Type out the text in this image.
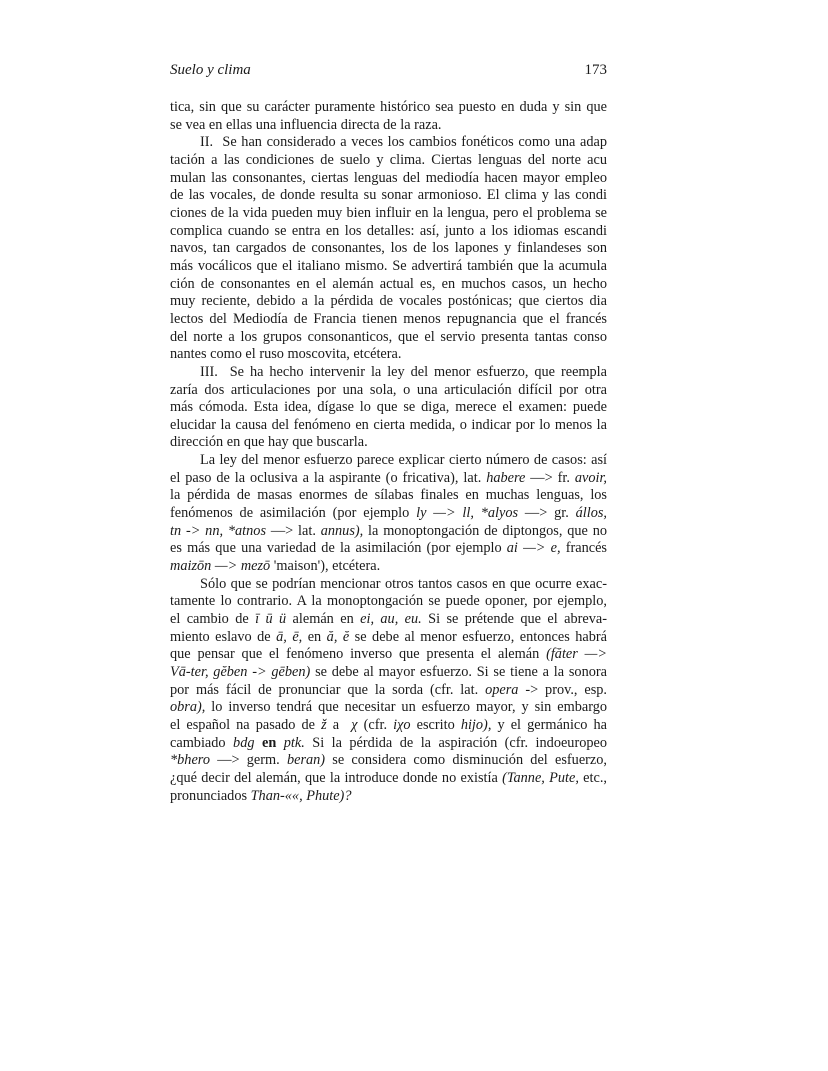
Suelo y clima	173
tica, sin que su carácter puramente histórico sea puesto en duda y sin que
se vea en ellas una influencia directa de la raza.
II.  Se han considerado a veces los cambios fonéticos como una adap
tación a las condiciones de suelo y clima. Ciertas lenguas del norte acu
mulan las consonantes, ciertas lenguas del mediodía hacen mayor empleo
de las vocales, de donde resulta su sonar armonioso. El clima y las condi
ciones de la vida pueden muy bien influir en la lengua, pero el problema se
complica cuando se entra en los detalles: así, junto a los idiomas escandi
navos, tan cargados de consonantes, los de los lapones y finlandeses son
más vocálicos que el italiano mismo. Se advertirá también que la acumula
ción de consonantes en el alemán actual es, en muchos casos, un hecho
muy reciente, debido a la pérdida de vocales postónicas; que ciertos dia
lectos del Mediodía de Francia tienen menos repugnancia que el francés
del norte a los grupos consonanticos, que el servio presenta tantas conso
nantes como el ruso moscovita, etcétera.
III.  Se ha hecho intervenir la ley del menor esfuerzo, que reempla
zaría dos articulaciones por una sola, o una articulación difícil por otra
más cómoda. Esta idea, dígase lo que se diga, merece el examen: puede
elucidar la causa del fenómeno en cierta medida, o indicar por lo menos la
dirección en que hay que buscarla.
La ley del menor esfuerzo parece explicar cierto número de casos: así
el paso de la oclusiva a la aspirante (o fricativa), lat. habere —> fr. avoir,
la pérdida de masas enormes de sílabas finales en muchas lenguas, los
fenómenos de asimilación (por ejemplo ly —> ll, *alyos —> gr. állos,
tn -> nn, *atnos —> lat. annus), la monoptongación de diptongos, que no
es más que una variedad de la asimilación (por ejemplo ai —> e, francés
maizōn —> mezō 'maison'), etcétera.
Sólo que se podrían mencionar otros tantos casos en que ocurre exac-
tamente lo contrario. A la monoptongación se puede oponer, por ejemplo,
el cambio de ī ū ü alemán en ei, au, eu. Si se prétende que el abreva-
miento eslavo de ā, ē, en ă, ĕ se debe al menor esfuerzo, entonces habrá
que pensar que el fenómeno inverso que presenta el alemán (făter —>
Vā-ter, gĕben -> gēben) se debe al mayor esfuerzo. Si se tiene a la sonora
por más fácil de pronunciar que la sorda (cfr. lat. opera -> prov., esp.
obra), lo inverso tendrá que necesitar un esfuerzo mayor, y sin embargo
el español na pasado de ž a  χ (cfr. iχo escrito hijo), y el germánico ha
cambiado bdg en ptk. Si la pérdida de la aspiración (cfr. indoeuropeo
*bhero —> germ. beran) se considera como disminución del esfuerzo,
¿qué decir del alemán, que la introduce donde no existía (Tanne, Pute, etc.,
pronunciados Than-««, Phute)?
